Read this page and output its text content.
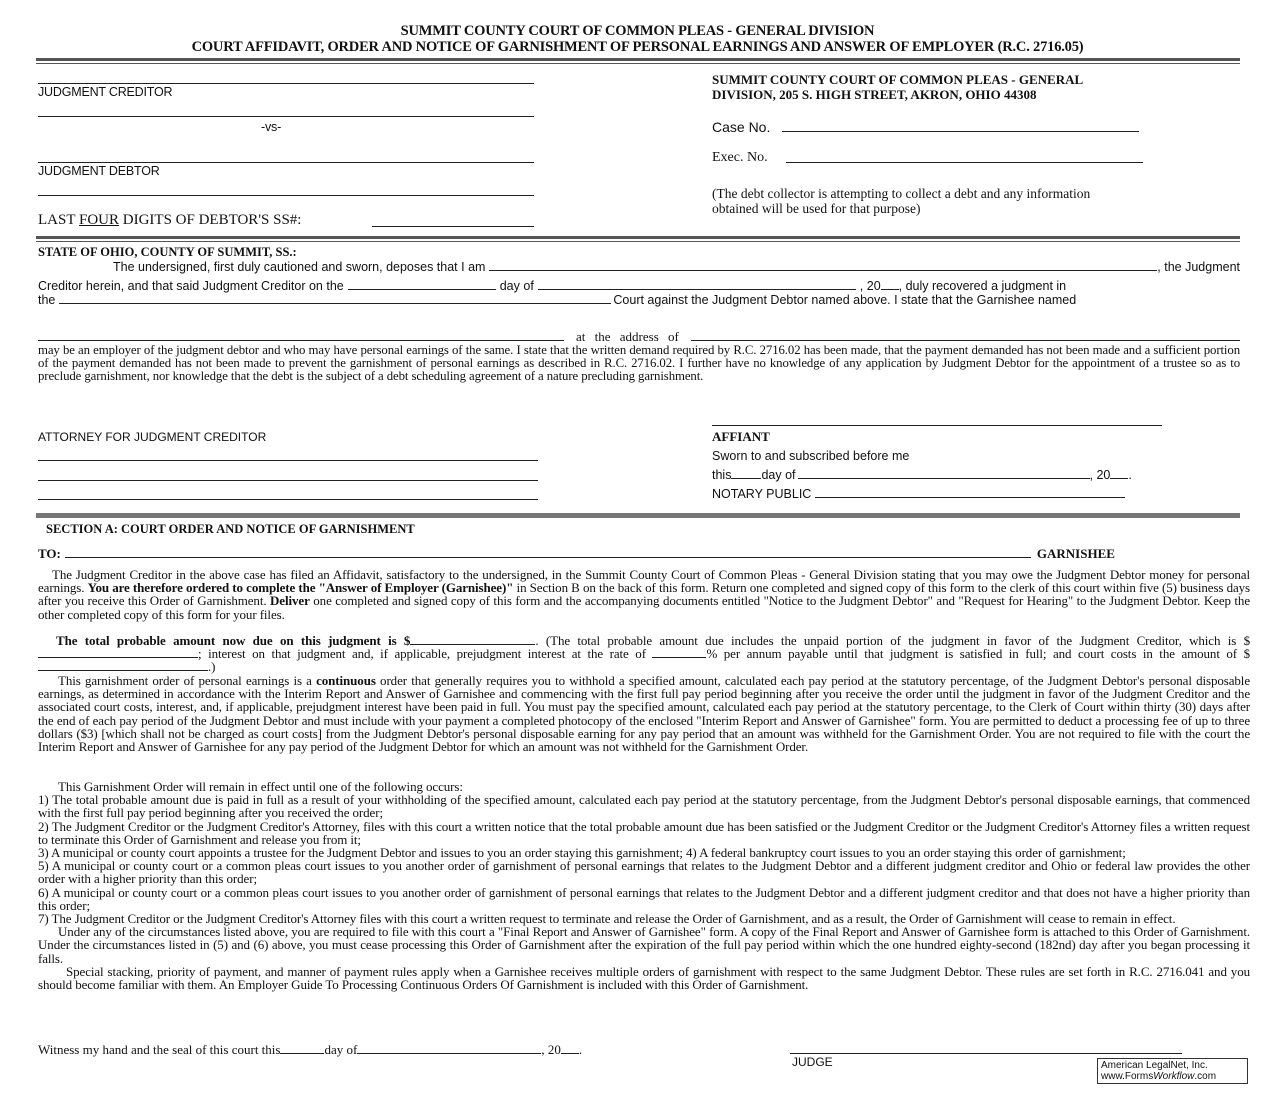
SUMMIT COUNTY COURT OF COMMON PLEAS - GENERAL DIVISION
COURT AFFIDAVIT, ORDER AND NOTICE OF GARNISHMENT OF PERSONAL EARNINGS AND ANSWER OF EMPLOYER (R.C. 2716.05)
JUDGMENT CREDITOR
-vs-
JUDGMENT DEBTOR
LAST FOUR DIGITS OF DEBTOR'S SS#:
SUMMIT COUNTY COURT OF COMMON PLEAS - GENERAL
DIVISION, 205 S. HIGH STREET, AKRON, OHIO 44308
Case No.
Exec. No.
(The debt collector is attempting to collect a debt and any information
obtained will be used for that purpose)
STATE OF OHIO, COUNTY OF SUMMIT, SS.:
The undersigned, first duly cautioned and sworn, deposes that I am	, the Judgment
Creditor herein, and that said Judgment Creditor on the	day of	, 20 , duly recovered a judgment in
the	Court against the Judgment Debtor named above. I state that the Garnishee named
at the address of
may be an employer of the judgment debtor and who may have personal earnings of the same. I state that the written demand required by R.C. 2716.02 has been made, that the payment demanded has not been made and a sufficient portion of the payment demanded has not been made to prevent the garnishment of personal earnings as described in R.C. 2716.02. I further have no knowledge of any application by Judgment Debtor for the appointment of a trustee so as to preclude garnishment, nor knowledge that the debt is the subject of a debt scheduling agreement of a nature precluding garnishment.
ATTORNEY FOR JUDGMENT CREDITOR	AFFIANT
Sworn to and subscribed before me
this day of	, 20 .
NOTARY PUBLIC
SECTION A: COURT ORDER AND NOTICE OF GARNISHMENT
TO:	GARNISHEE
The Judgment Creditor in the above case has filed an Affidavit, satisfactory to the undersigned, in the Summit County Court of Common Pleas - General Division stating that you may owe the Judgment Debtor money for personal earnings. You are therefore ordered to complete the "Answer of Employer (Garnishee)" in Section B on the back of this form. Return one completed and signed copy of this form to the clerk of this court within five (5) business days after you receive this Order of Garnishment. Deliver one completed and signed copy of this form and the accompanying documents entitled "Notice to the Judgment Debtor" and "Request for Hearing" to the Judgment Debtor. Keep the other completed copy of this form for your files.
The total probable amount now due on this judgment is $	. (The total probable amount due includes the unpaid portion of the judgment in favor of the Judgment Creditor, which is $; interest on that judgment and, if applicable, prejudgment interest at the rate of	% per annum payable until that judgment is satisfied in full; and court costs in the amount of $.)
This garnishment order of personal earnings is a continuous order that generally requires you to withhold a specified amount, calculated each pay period at the statutory percentage, of the Judgment Debtor's personal disposable earnings, as determined in accordance with the Interim Report and Answer of Garnishee and commencing with the first full pay period beginning after you receive the order until the judgment in favor of the Judgment Creditor and the associated court costs, interest, and, if applicable, prejudgment interest have been paid in full. You must pay the specified amount, calculated each pay period at the statutory percentage, to the Clerk of Court within thirty (30) days after the end of each pay period of the Judgment Debtor and must include with your payment a completed photocopy of the enclosed "Interim Report and Answer of Garnishee" form. You are permitted to deduct a processing fee of up to three dollars ($3) [which shall not be charged as court costs] from the Judgment Debtor's personal disposable earning for any pay period that an amount was withheld for the Garnishment Order. You are not required to file with the court the Interim Report and Answer of Garnishee for any pay period of the Judgment Debtor for which an amount was not withheld for the Garnishment Order.
This Garnishment Order will remain in effect until one of the following occurs:
1) The total probable amount due is paid in full as a result of your withholding of the specified amount, calculated each pay period at the statutory percentage, from the Judgment Debtor's personal disposable earnings, that commenced with the first full pay period beginning after you received the order;
2) The Judgment Creditor or the Judgment Creditor's Attorney, files with this court a written notice that the total probable amount due has been satisfied or the Judgment Creditor or the Judgment Creditor's Attorney files a written request to terminate this Order of Garnishment and release you from it;
3) A municipal or county court appoints a trustee for the Judgment Debtor and issues to you an order staying this garnishment; 4) A federal bankruptcy court issues to you an order staying this order of garnishment;
5) A municipal or county court or a common pleas court issues to you another order of garnishment of personal earnings that relates to the Judgment Debtor and a different judgment creditor and Ohio or federal law provides the other order with a higher priority than this order;
6) A municipal or county court or a common pleas court issues to you another order of garnishment of personal earnings that relates to the Judgment Debtor and a different judgment creditor and that does not have a higher priority than this order;
7) The Judgment Creditor or the Judgment Creditor's Attorney files with this court a written request to terminate and release the Order of Garnishment, and as a result, the Order of Garnishment will cease to remain in effect.
Under any of the circumstances listed above, you are required to file with this court a "Final Report and Answer of Garnishee" form. A copy of the Final Report and Answer of Garnishee form is attached to this Order of Garnishment. Under the circumstances listed in (5) and (6) above, you must cease processing this Order of Garnishment after the expiration of the full pay period within which the one hundred eighty-second (182nd) day after you began processing it falls.
Special stacking, priority of payment, and manner of payment rules apply when a Garnishee receives multiple orders of garnishment with respect to the same Judgment Debtor. These rules are set forth in R.C. 2716.041 and you should become familiar with them. An Employer Guide To Processing Continuous Orders Of Garnishment is included with this Order of Garnishment.
Witness my hand and the seal of this court this	day of	, 20 .
JUDGE	American LegalNet, Inc.
www.FormsWorkflow.com
